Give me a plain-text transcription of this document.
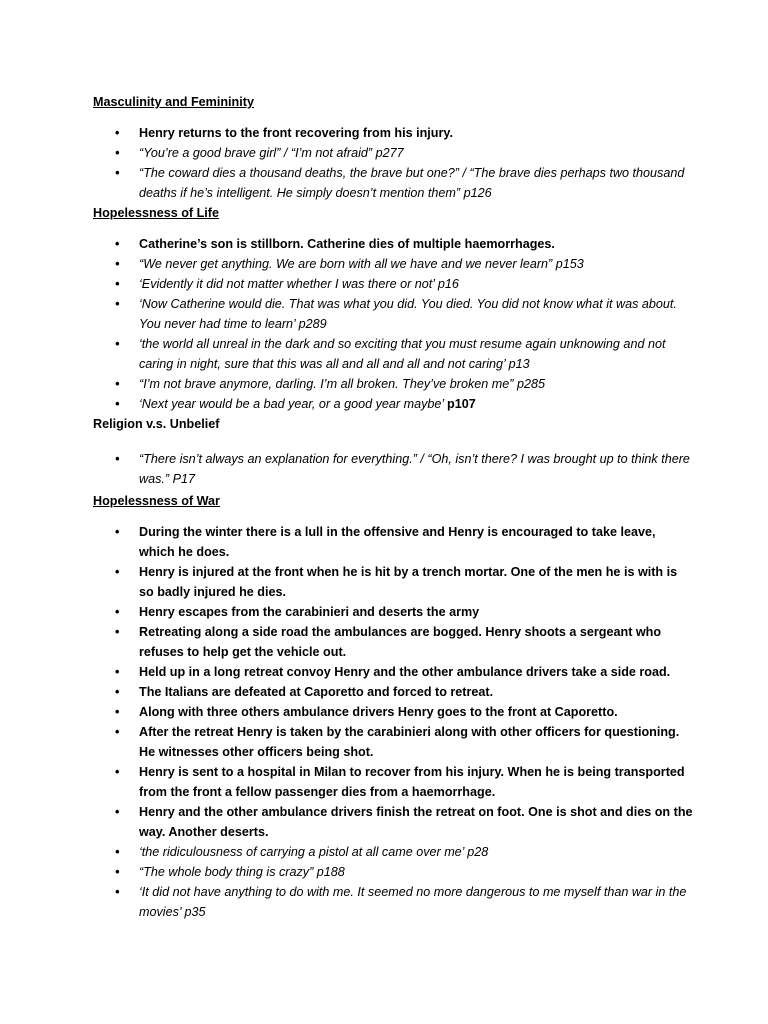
Masculinity and Femininity

• Henry returns to the front recovering from his injury.
• “You’re a good brave girl” / “I’m not afraid” p277
• “The coward dies a thousand deaths, the brave but one?” / “The brave dies perhaps two thousand deaths if he’s intelligent. He simply doesn’t mention them” p126

Hopelessness of Life

• Catherine’s son is stillborn. Catherine dies of multiple haemorrhages.
• “We never get anything. We are born with all we have and we never learn” p153
• ‘Evidently it did not matter whether I was there or not’ p16
• ‘Now Catherine would die. That was what you did. You died. You did not know what it was about. You never had time to learn’ p289
• ‘the world all unreal in the dark and so exciting that you must resume again unknowing and not caring in night, sure that this was all and all and all and not caring’ p13
• “I’m not brave anymore, darling. I’m all broken. They’ve broken me” p285
• ‘Next year would be a bad year, or a good year maybe’ p107

Religion v.s. Unbelief

• “There isn’t always an explanation for everything.” / “Oh, isn’t there? I was brought up to think there was.” P17

Hopelessness of War

• During the winter there is a lull in the offensive and Henry is encouraged to take leave, which he does.
• Henry is injured at the front when he is hit by a trench mortar. One of the men he is with is so badly injured he dies.
• Henry escapes from the carabinieri and deserts the army
• Retreating along a side road the ambulances are bogged. Henry shoots a sergeant who refuses to help get the vehicle out.
• Held up in a long retreat convoy Henry and the other ambulance drivers take a side road.
• The Italians are defeated at Caporetto and forced to retreat.
• Along with three others ambulance drivers Henry goes to the front at Caporetto.
• After the retreat Henry is taken by the carabinieri along with other officers for questioning. He witnesses other officers being shot.
• Henry is sent to a hospital in Milan to recover from his injury. When he is being transported from the front a fellow passenger dies from a haemorrhage.
• Henry and the other ambulance drivers finish the retreat on foot. One is shot and dies on the way. Another deserts.
• ‘the ridiculousness of carrying a pistol at all came over me’ p28
• “The whole body thing is crazy” p188
• ‘It did not have anything to do with me. It seemed no more dangerous to me myself than war in the movies’ p35
